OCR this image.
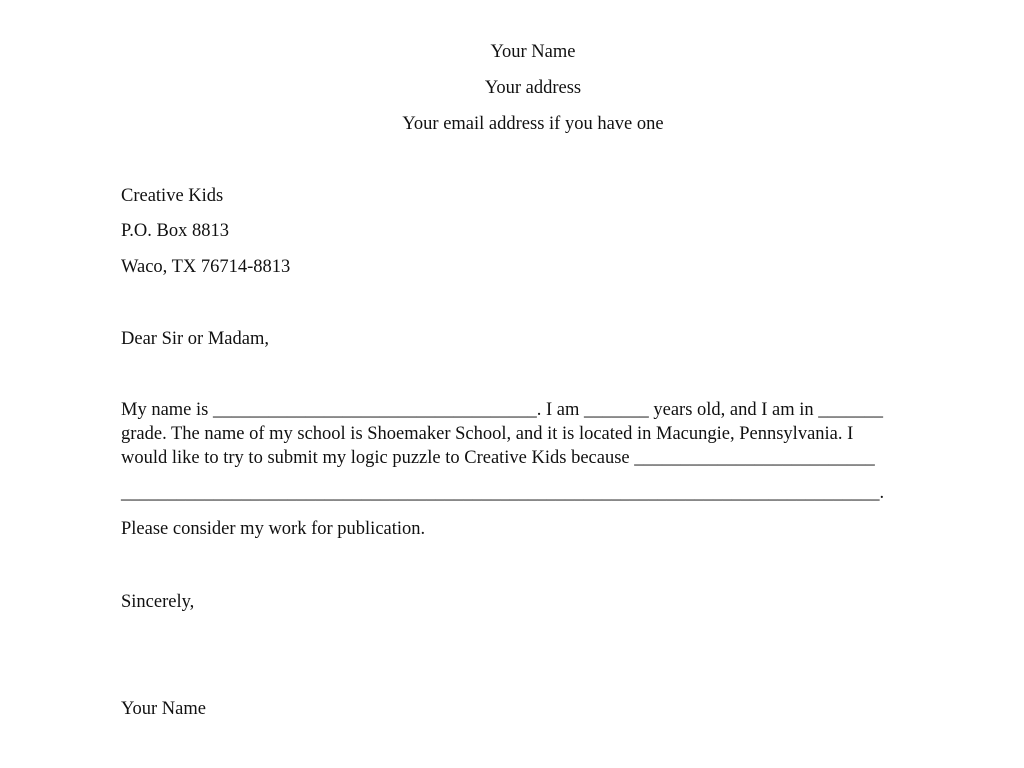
Your Name
Your address
Your email address if you have one
Creative Kids
P.O. Box 8813
Waco, TX 76714-8813
Dear Sir or Madam,
My name is ___________________________________. I am _______ years old, and I am in _______
grade. The name of my school is Shoemaker School, and it is located in Macungie, Pennsylvania. I
would like to try to submit my logic puzzle to Creative Kids because __________________________
__________________________________________________________________________________.
Please consider my work for publication.
Sincerely,
Your Name
